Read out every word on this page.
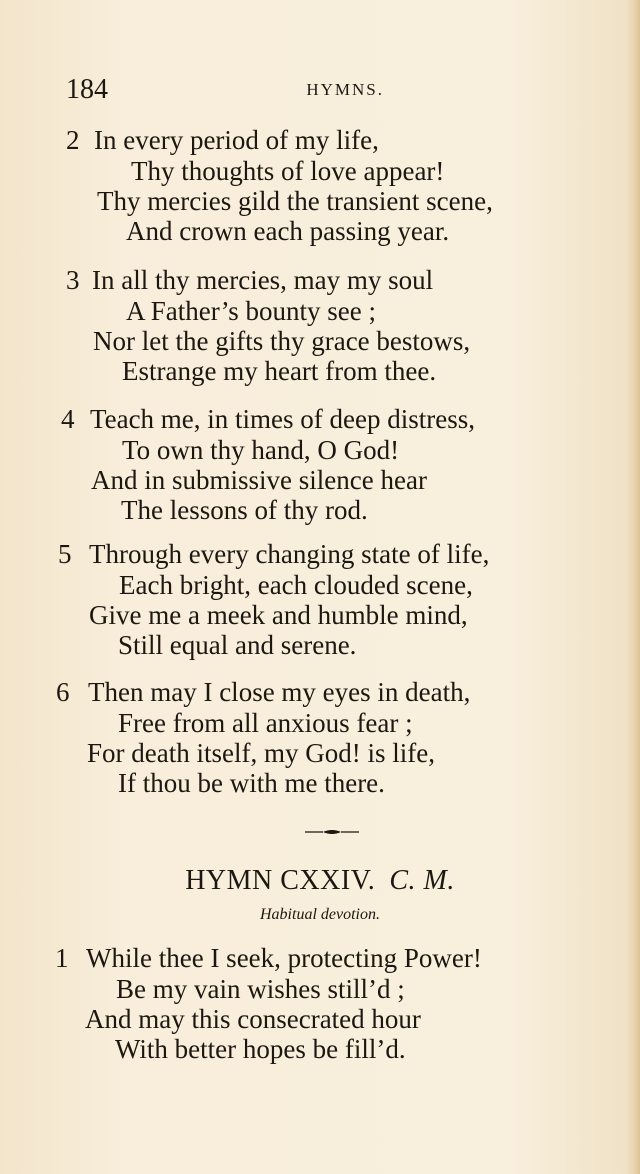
184	HYMNS.
2 In every period of my life,
Thy thoughts of love appear!
Thy mercies gild the transient scene,
And crown each passing year.
3 In all thy mercies, may my soul
A Father’s bounty see ;
Nor let the gifts thy grace bestows,
Estrange my heart from thee.
4 Teach me, in times of deep distress,
To own thy hand, O God!
And in submissive silence hear
The lessons of thy rod.
5 Through every changing state of life,
Each bright, each clouded scene,
Give me a meek and humble mind,
Still equal and serene.
6 Then may I close my eyes in death,
Free from all anxious fear ;
For death itself, my God! is life,
If thou be with me there.
HYMN CXXIV. C. M.
Habitual devotion.
1 While thee I seek, protecting Power!
Be my vain wishes still’d ;
And may this consecrated hour
With better hopes be fill’d.
